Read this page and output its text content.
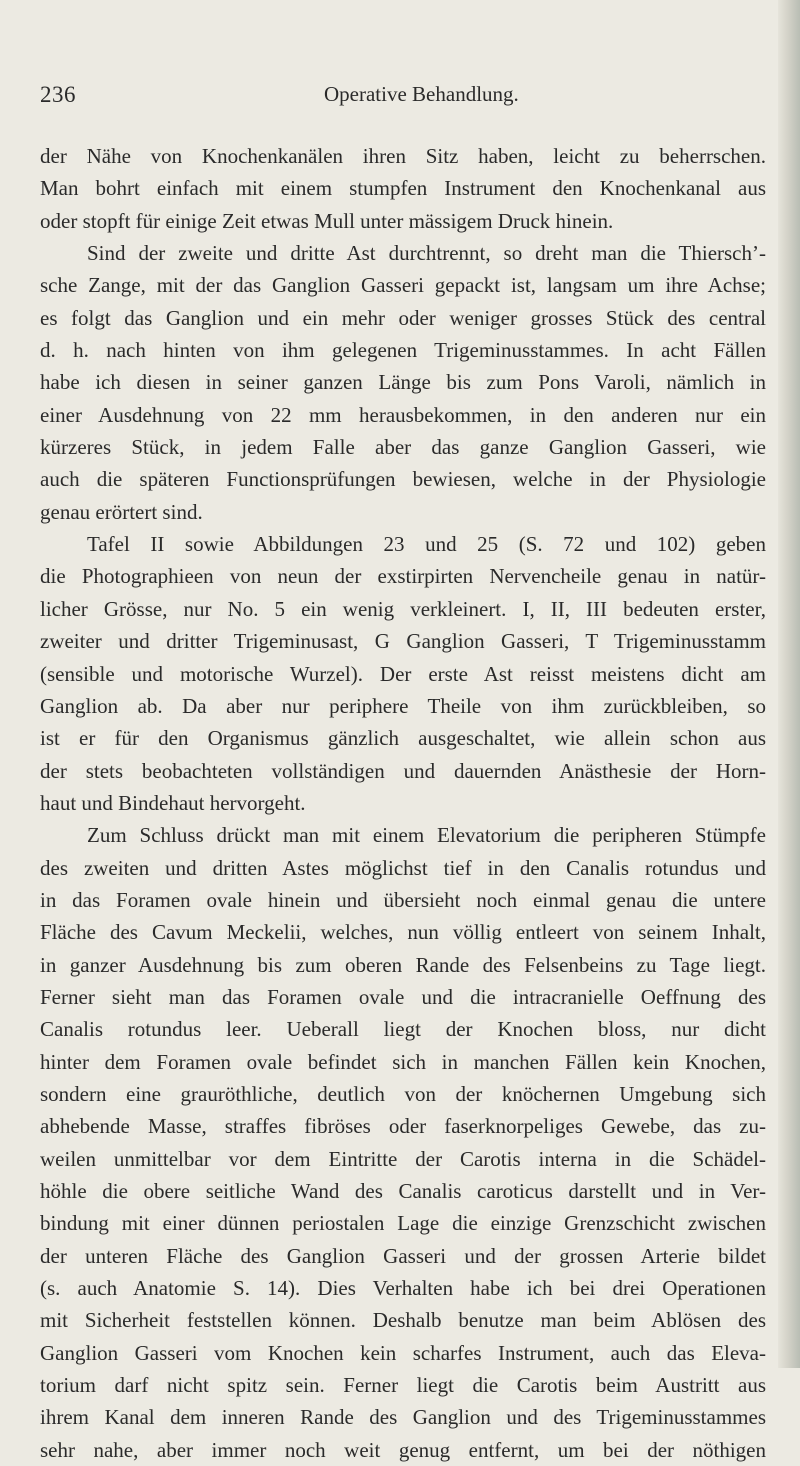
236	Operative Behandlung.
der Nähe von Knochenkanälen ihren Sitz haben, leicht zu beherrschen.
Man bohrt einfach mit einem stumpfen Instrument den Knochenkanal aus
oder stopft für einige Zeit etwas Mull unter mässigem Druck hinein.
Sind der zweite und dritte Ast durchtrennt, so dreht man die Thiersch’-
sche Zange, mit der das Ganglion Gasseri gepackt ist, langsam um ihre Achse;
es folgt das Ganglion und ein mehr oder weniger grosses Stück des central
d. h. nach hinten von ihm gelegenen Trigeminusstammes. In acht Fällen
habe ich diesen in seiner ganzen Länge bis zum Pons Varoli, nämlich in
einer Ausdehnung von 22 mm herausbekommen, in den anderen nur ein
kürzeres Stück, in jedem Falle aber das ganze Ganglion Gasseri, wie
auch die späteren Functionsprüfungen bewiesen, welche in der Physiologie
genau erörtert sind.
Tafel II sowie Abbildungen 23 und 25 (S. 72 und 102) geben
die Photographieen von neun der exstirpirten Nervencheile genau in natür-
licher Grösse, nur No. 5 ein wenig verkleinert. I, II, III bedeuten erster,
zweiter und dritter Trigeminusast, G Ganglion Gasseri, T Trigeminusstamm
(sensible und motorische Wurzel). Der erste Ast reisst meistens dicht am
Ganglion ab. Da aber nur periphere Theile von ihm zurückbleiben, so
ist er für den Organismus gänzlich ausgeschaltet, wie allein schon aus
der stets beobachteten vollständigen und dauernden Anästhesie der Horn-
haut und Bindehaut hervorgeht.
Zum Schluss drückt man mit einem Elevatorium die peripheren Stümpfe
des zweiten und dritten Astes möglichst tief in den Canalis rotundus und
in das Foramen ovale hinein und übersieht noch einmal genau die untere
Fläche des Cavum Meckelii, welches, nun völlig entleert von seinem Inhalt,
in ganzer Ausdehnung bis zum oberen Rande des Felsenbeins zu Tage liegt.
Ferner sieht man das Foramen ovale und die intracranielle Oeffnung des
Canalis rotundus leer. Ueberall liegt der Knochen bloss, nur dicht
hinter dem Foramen ovale befindet sich in manchen Fällen kein Knochen,
sondern eine grauröthliche, deutlich von der knöchernen Umgebung sich
abhebende Masse, straffes fibröses oder faserknorpeliges Gewebe, das zu-
weilen unmittelbar vor dem Eintritte der Carotis interna in die Schädel-
höhle die obere seitliche Wand des Canalis caroticus darstellt und in Ver-
bindung mit einer dünnen periostalen Lage die einzige Grenzschicht zwischen
der unteren Fläche des Ganglion Gasseri und der grossen Arterie bildet
(s. auch Anatomie S. 14). Dies Verhalten habe ich bei drei Operationen
mit Sicherheit feststellen können. Deshalb benutze man beim Ablösen des
Ganglion Gasseri vom Knochen kein scharfes Instrument, auch das Eleva-
torium darf nicht spitz sein. Ferner liegt die Carotis beim Austritt aus
ihrem Kanal dem inneren Rande des Ganglion und des Trigeminusstammes
sehr nahe, aber immer noch weit genug entfernt, um bei der nöthigen
